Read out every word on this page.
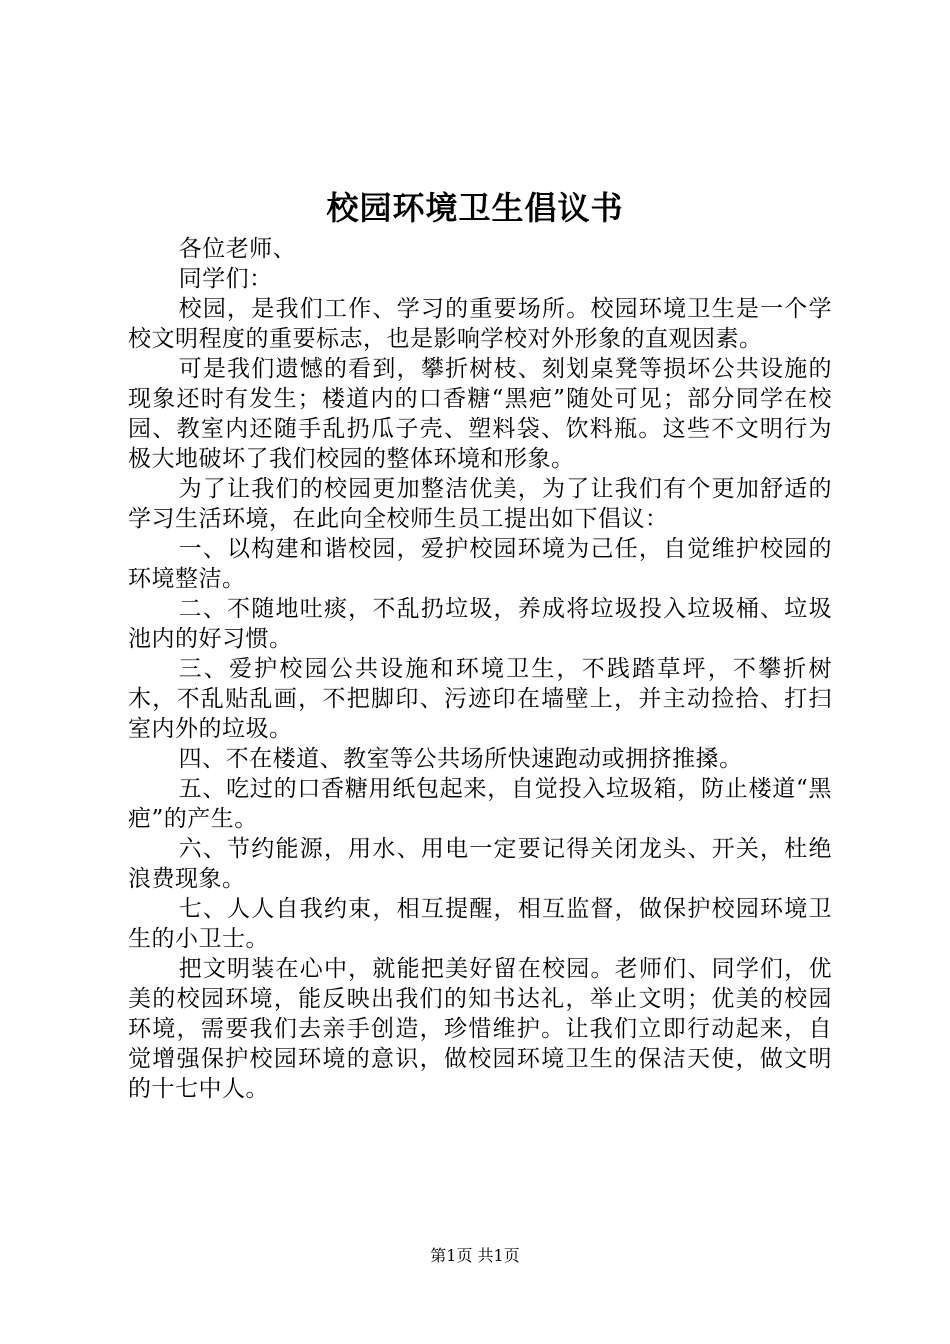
校园环境卫生倡议书

各位老师、

同学们：

校园，是我们工作、学习的重要场所。校园环境卫生是一个学校文明程度的重要标志，也是影响学校对外形象的直观因素。

可是我们遗憾的看到，攀折树枝、刻划桌凳等损坏公共设施的现象还时有发生；楼道内的口香糖“黑疤”随处可见；部分同学在校园、教室内还随手乱扔瓜子壳、塑料袋、饮料瓶。这些不文明行为极大地破坏了我们校园的整体环境和形象。

为了让我们的校园更加整洁优美，为了让我们有个更加舒适的学习生活环境，在此向全校师生员工提出如下倡议：

一、以构建和谐校园，爱护校园环境为己任，自觉维护校园的环境整洁。

二、不随地吐痰，不乱扔垃圾，养成将垃圾投入垃圾桶、垃圾池内的好习惯。

三、爱护校园公共设施和环境卫生，不践踏草坪，不攀折树木，不乱贴乱画，不把脚印、污迹印在墙壁上，并主动捡拾、打扫室内外的垃圾。

四、不在楼道、教室等公共场所快速跑动或拥挤推搡。

五、吃过的口香糖用纸包起来，自觉投入垃圾箱，防止楼道“黑疤”的产生。

六、节约能源，用水、用电一定要记得关闭龙头、开关，杜绝浪费现象。

七、人人自我约束，相互提醒，相互监督，做保护校园环境卫生的小卫士。

把文明装在心中，就能把美好留在校园。老师们、同学们，优美的校园环境，能反映出我们的知书达礼，举止文明；优美的校园环境，需要我们去亲手创造，珍惜维护。让我们立即行动起来，自觉增强保护校园环境的意识，做校园环境卫生的保洁天使，做文明的十七中人。

第1页 共1页
